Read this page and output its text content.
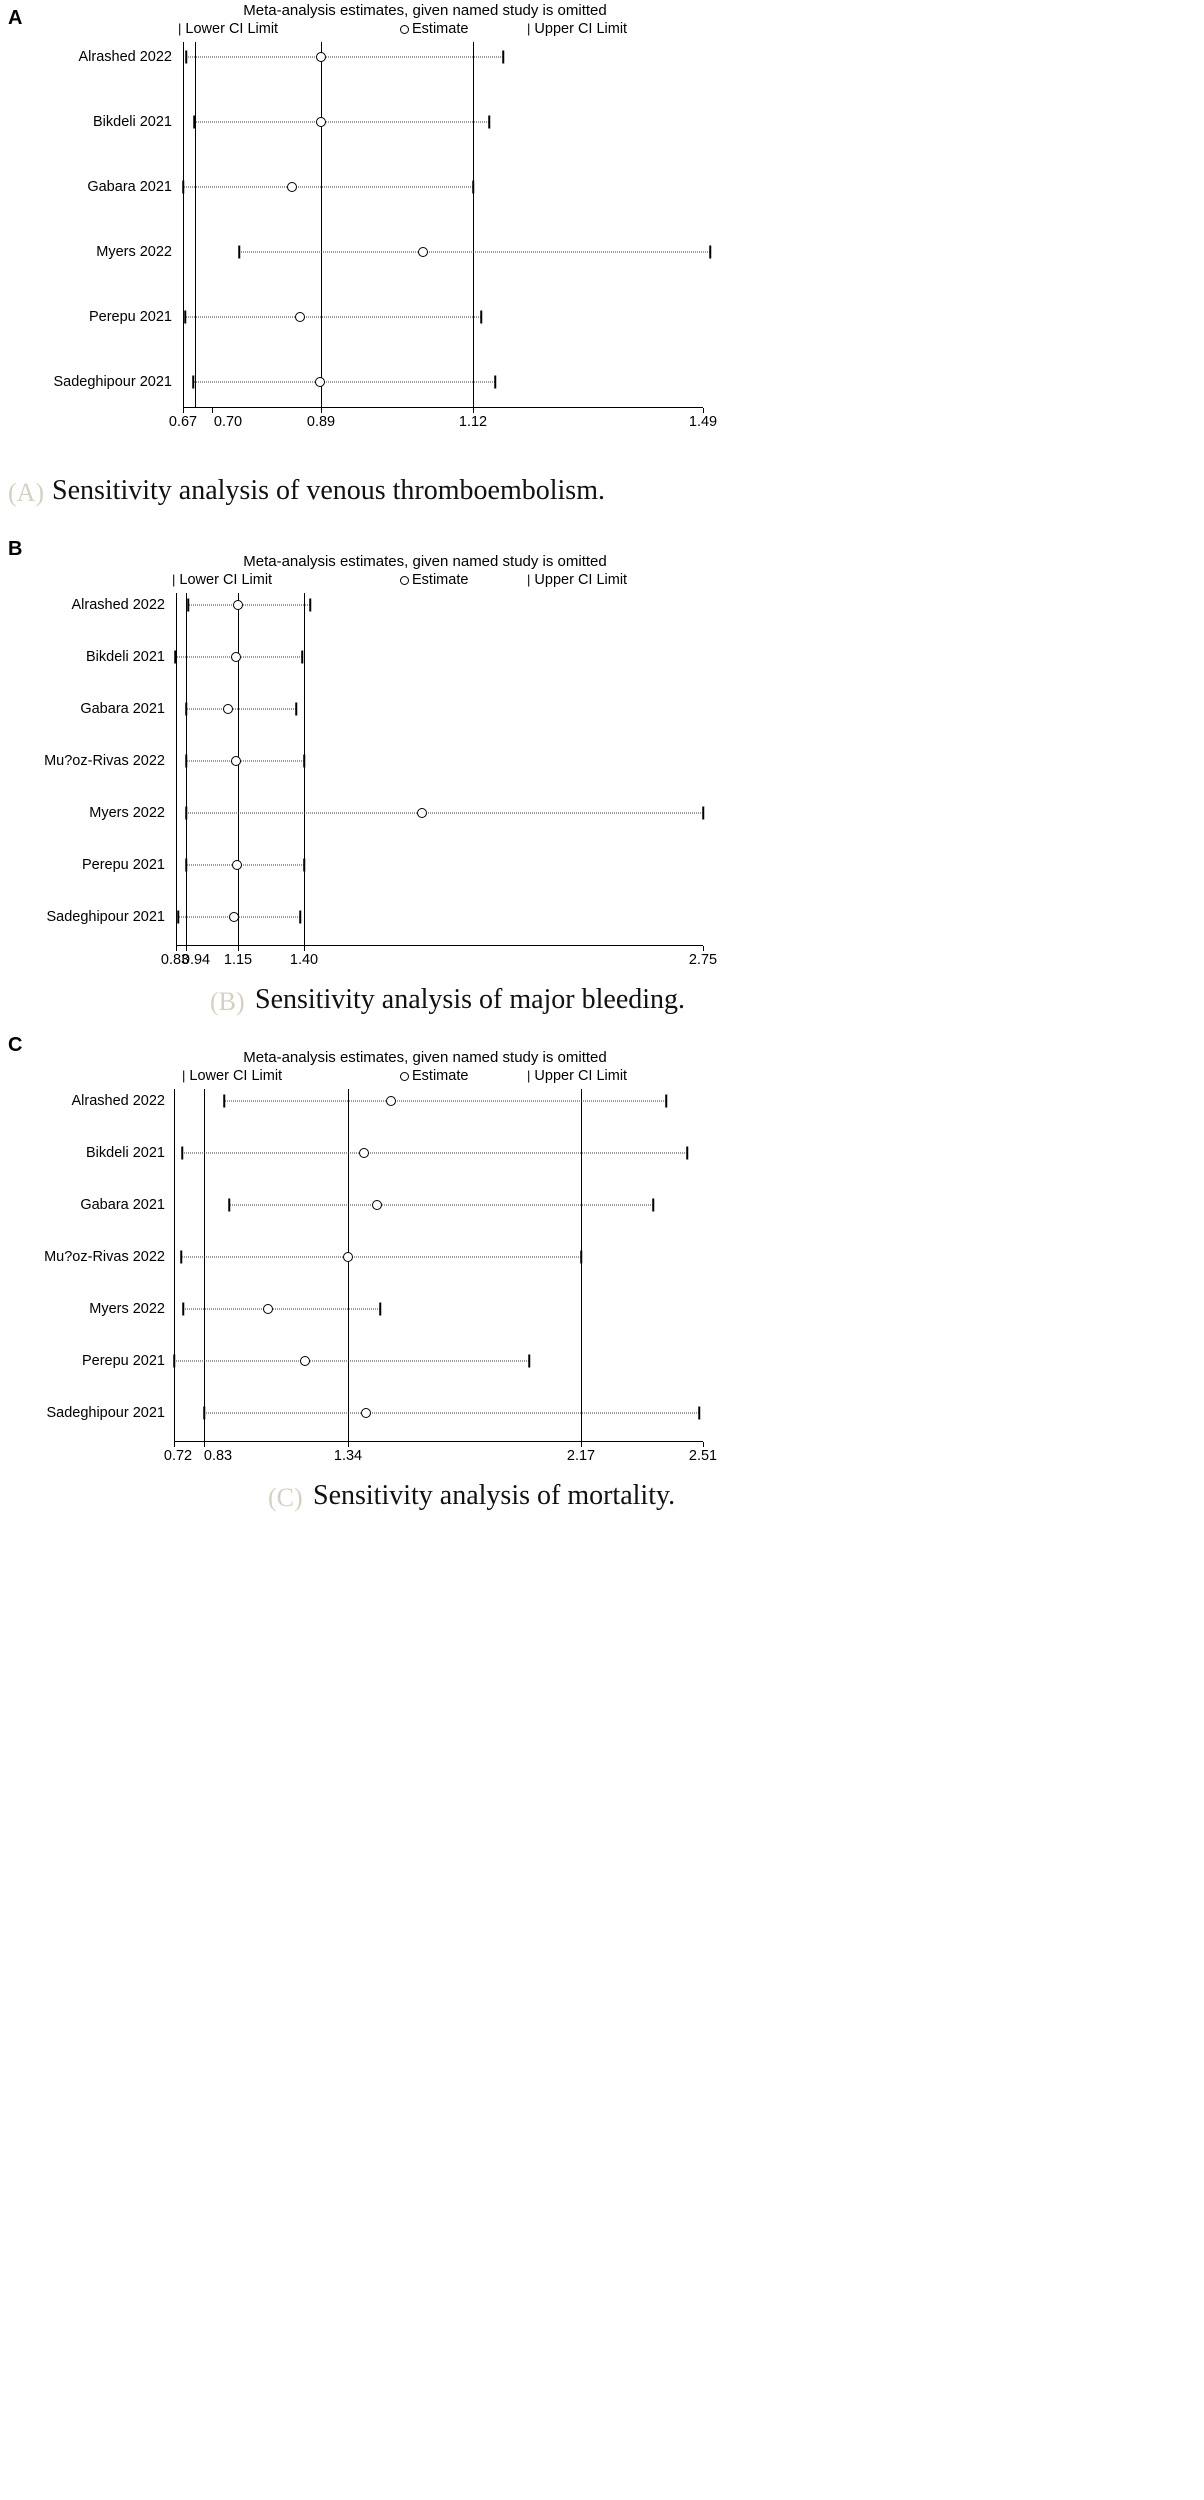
A	Meta-analysis estimates, given named study is omitted
| Lower CI Limit	Estimate	| Upper CI Limit
Alrashed 2022
Bikdeli 2021
Gabara 2021
Myers 2022
Perepu 2021
Sadeghipour 2021
0.67 0.70	0.89	1.12	1.49
(A) Sensitivity analysis of venous thromboembolism.
B
Meta-analysis estimates, given named study is omitted
| Lower CI Limit	Estimate	| Upper CI Limit
Alrashed 2022
Bikdeli 2021
Gabara 2021
Mu?oz-Rivas 2022
Myers 2022
Perepu 2021
Sadeghipour 2021
0.83
0.94 1.15	1.40	2.75
(B) Sensitivity analysis of major bleeding.
C
Meta-analysis estimates, given named study is omitted
| Lower CI Limit	Estimate	| Upper CI Limit
Alrashed 2022
Bikdeli 2021
Gabara 2021
Mu?oz-Rivas 2022
Myers 2022
Perepu 2021
Sadeghipour 2021
0.72 0.83	1.34	2.17	2.51
(C) Sensitivity analysis of mortality.
